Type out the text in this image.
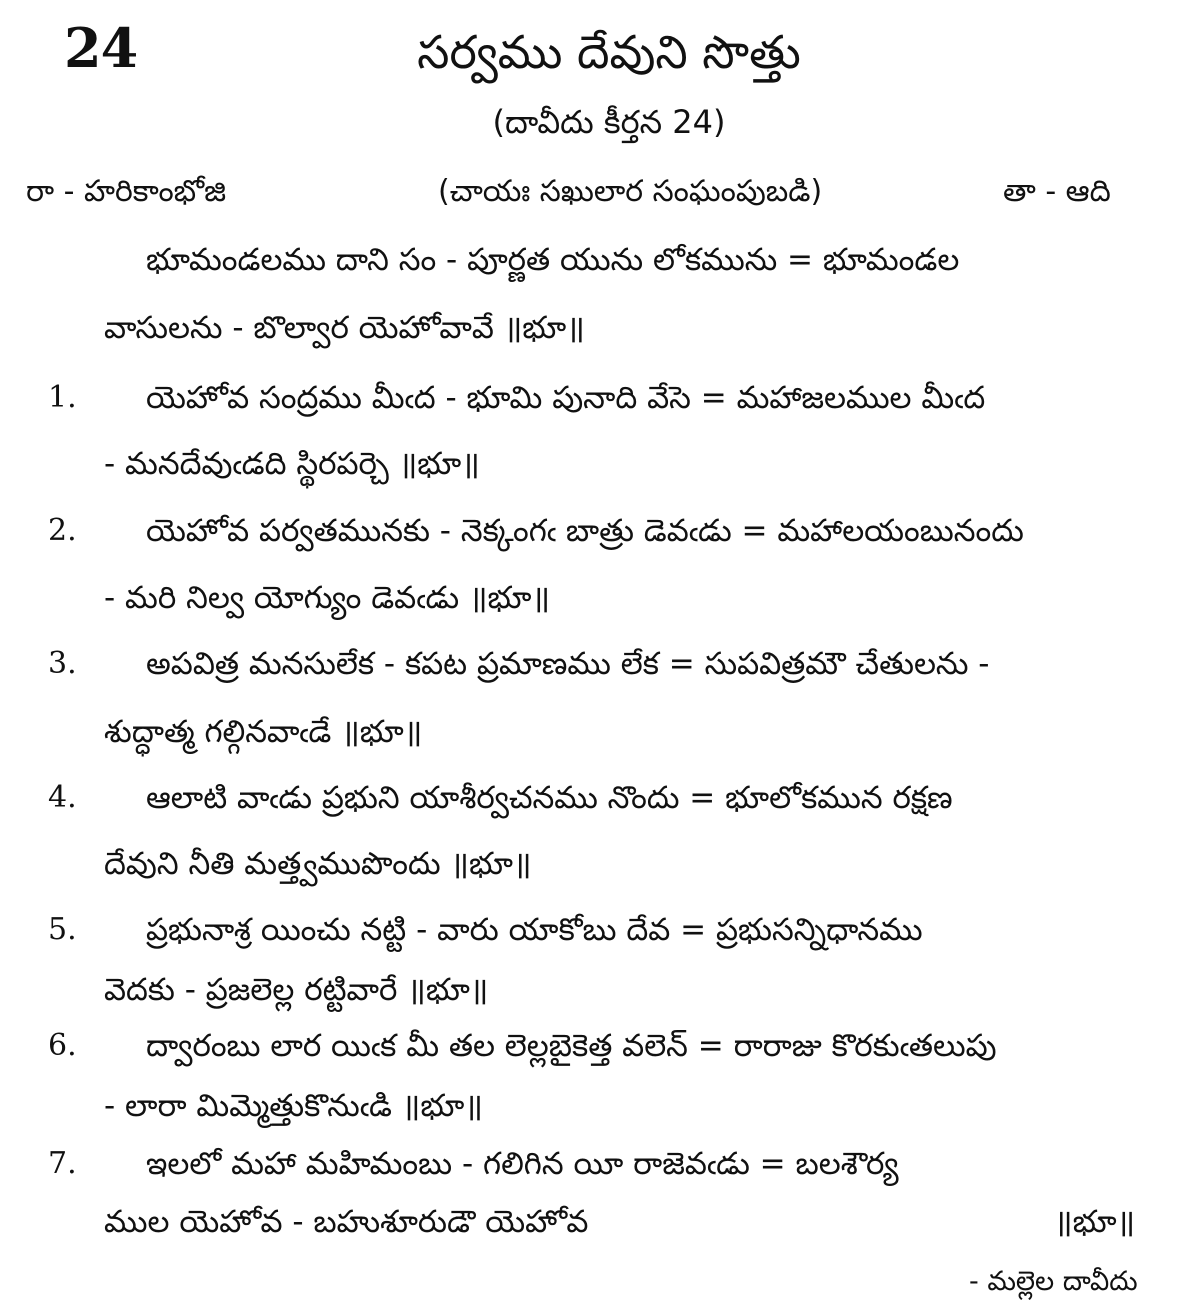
24	సర్వము దేవుని సొత్తు
(దావీదు కీర్తన 24)
రా - హరికాంభోజి	(చాయః సఖులార సంఘంపుబడి)	తా - ఆది
భూమండలము దాని సం - పూర్ణత యును లోకమును = భూమండల
వాసులను - బొల్వార యెహోవావే ॥భూ॥
1. యెహోవ సంద్రము మీఁద - భూమి పునాది వేసె = మహాజలముల మీఁద
- మనదేవుఁడది స్థిరపర్చె ॥భూ॥
2. యెహోవ పర్వతమునకు - నెక్కంగఁ బాత్రు డెవఁడు = మహాలయంబునందు
- మరి నిల్వ యోగ్యుం డెవఁడు ॥భూ॥
3. అపవిత్ర మనసులేక - కపట ప్రమాణము లేక = సుపవిత్రమౌ చేతులను -
శుద్ధాత్మ గల్గినవాఁడే ॥భూ॥
4. ఆలాటి వాఁడు ప్రభుని యాశీర్వచనము నొందు = భూలోకమున రక్షణ
దేవుని నీతి మత్త్వముపొందు ॥భూ॥
5. ప్రభునాశ్ర యించు నట్టి - వారు యాకోబు దేవ = ప్రభుసన్నిధానము
వెదకు - ప్రజలెల్ల రట్టివారే ॥భూ॥
6. ద్వారంబు లార యిఁక మీ తల లెల్లబైకెత్త వలెన్ = రారాజు కొరకుఁతలుపు
- లారా మిమ్మెత్తుకొనుఁడి ॥భూ॥
7. ఇలలో మహా మహిమంబు - గలిగిన యీ రాజెవఁడు = బలశౌర్య
ముల యెహోవ - బహుశూరుడౌ యెహోవ	॥భూ॥
- మల్లెల దావీదు
